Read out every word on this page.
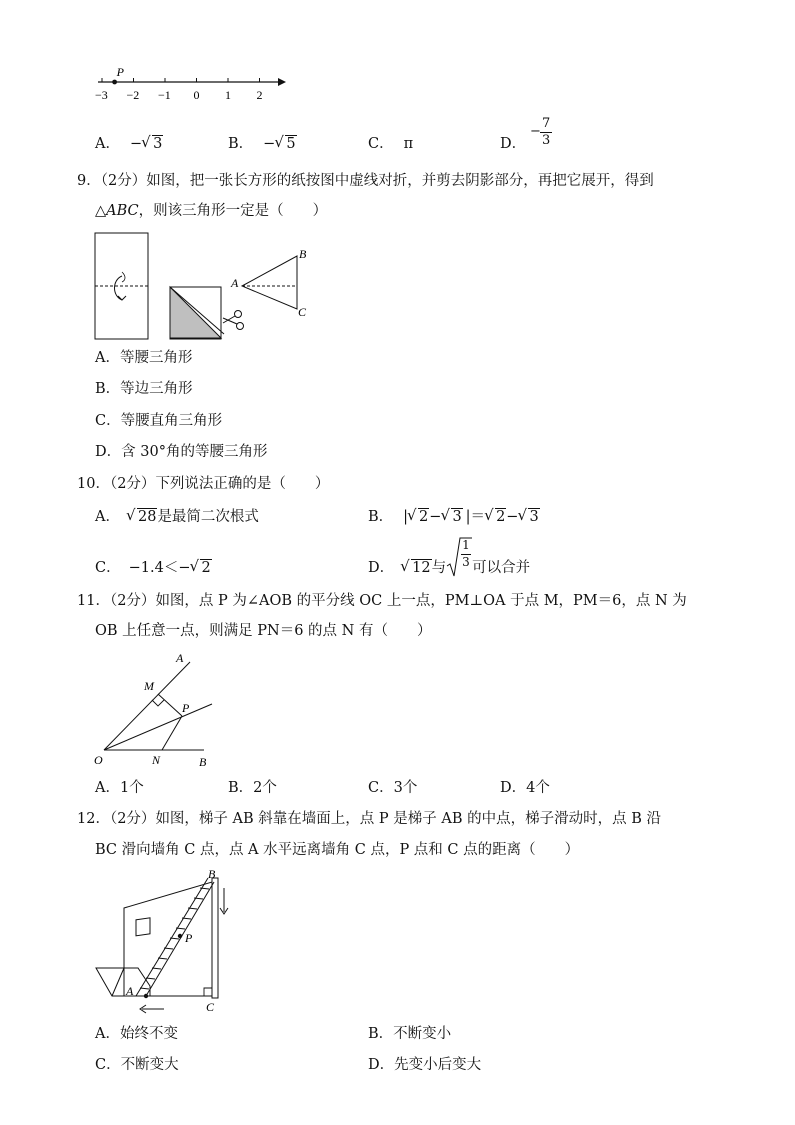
−3 −2 −1 0 1 2
P
A． − √ 3	B． − √ 5	C． π	D．
−
7
3
9．（2分）如图，把一张长方形的纸按图中虚线对折，并剪去阴影部分，再把它展开，得到
△ABC，则该三角形一定是（　　）
A
B
C
A．等腰三角形
B．等边三角形
C．等腰直角三角形
D．含 30°角的等腰三角形
10．（2分）下列说法正确的是（　　）
A． √ 28是最简二次根式	B． | √ 2− √ 3 |＝ √ 2− √ 3
C． −1.4＜− √ 2	D． √ 12与 $\frac{1}{3}$ 可以合并
11．（2分）如图，点 P 为∠AOB 的平分线 OC 上一点，PM⊥OA 于点 M，PM＝6，点 N 为
OB 上任意一点，则满足 PN＝6 的点 N 有（　　）
A
M
P
O	N	B
A．1个	B．2个	C．3个	D．4个
12．（2分）如图，梯子 AB 斜靠在墙面上，点 P 是梯子 AB 的中点，梯子滑动时，点 B 沿
BC 滑向墙角 C 点，点 A 水平远离墙角 C 点，P 点和 C 点的距离（　　）
B
P
A
C
A．始终不变	B．不断变小
C．不断变大	D．先变小后变大
